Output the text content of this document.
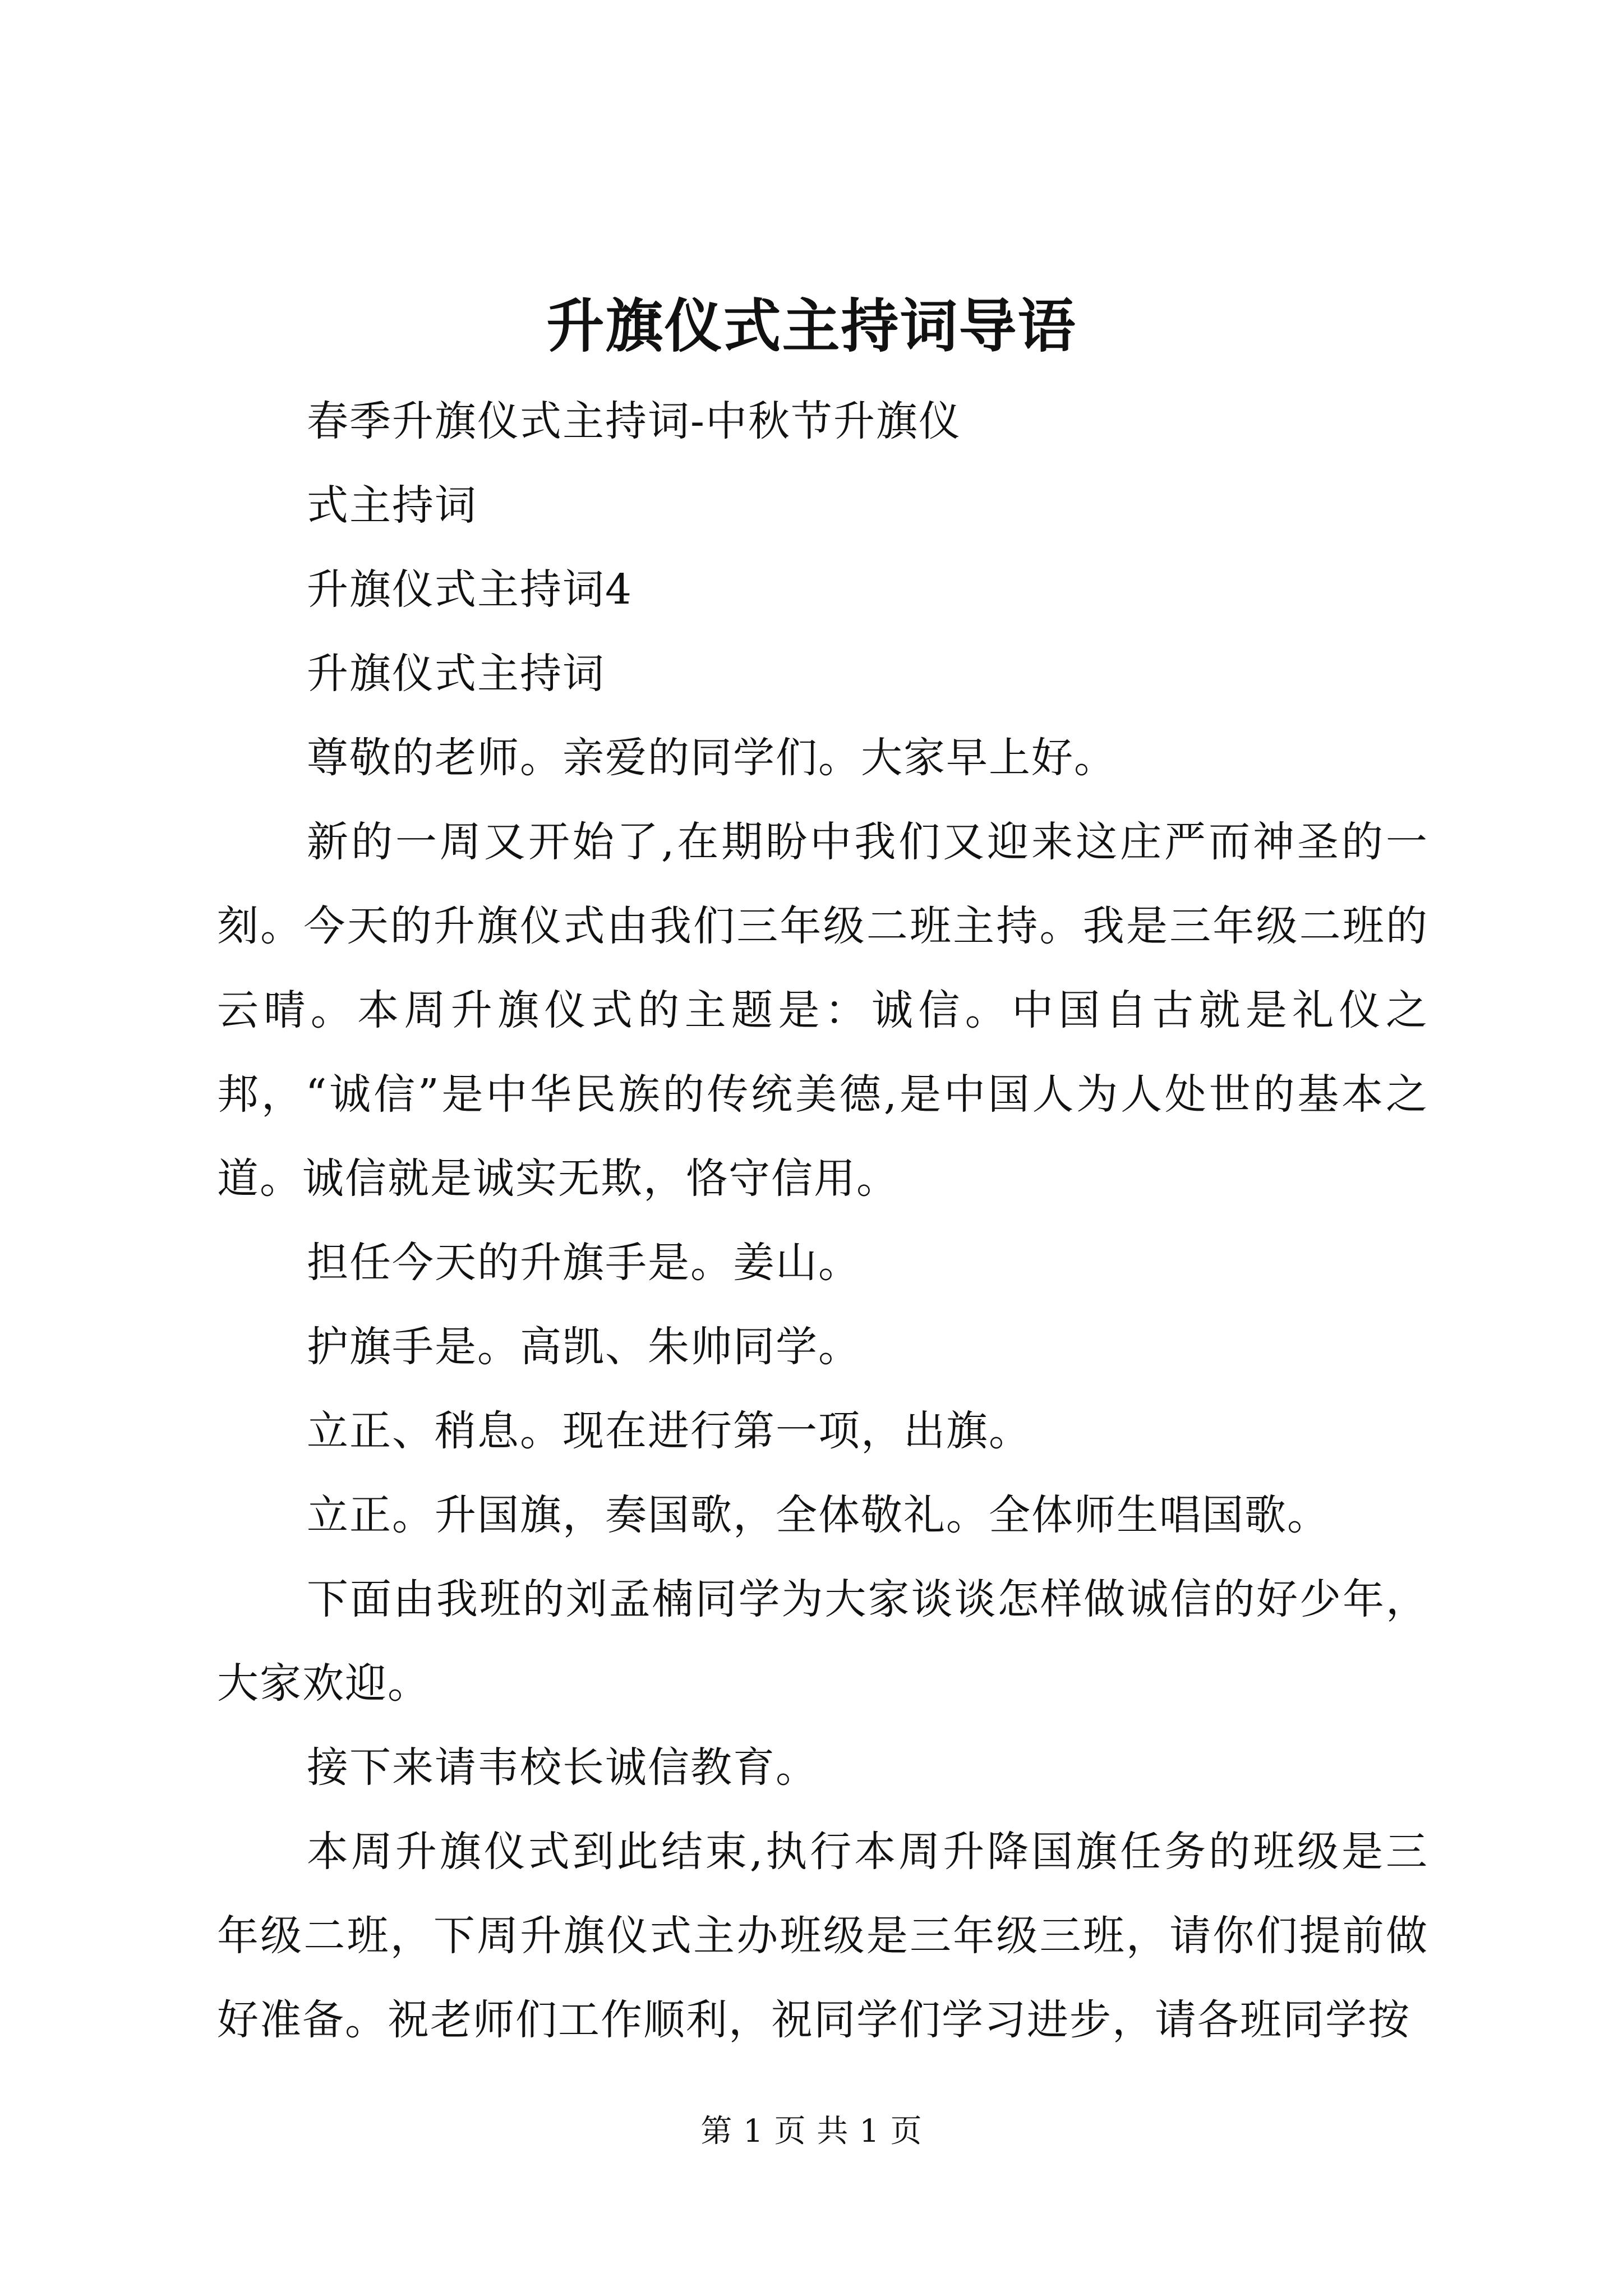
升旗仪式主持词导语

春季升旗仪式主持词-中秋节升旗仪

式主持词

升旗仪式主持词4

升旗仪式主持词

尊敬的老师。亲爱的同学们。大家早上好。

新的一周又开始了,在期盼中我们又迎来这庄严而神圣的一刻。今天的升旗仪式由我们三年级二班主持。我是三年级二班的云晴。本周升旗仪式的主题是：诚信。中国自古就是礼仪之邦，“诚信”是中华民族的传统美德,是中国人为人处世的基本之道。诚信就是诚实无欺，恪守信用。

担任今天的升旗手是。姜山。

护旗手是。高凯、朱帅同学。

立正、稍息。现在进行第一项，出旗。

立正。升国旗，奏国歌，全体敬礼。全体师生唱国歌。

下面由我班的刘孟楠同学为大家谈谈怎样做诚信的好少年，大家欢迎。

接下来请韦校长诚信教育。

本周升旗仪式到此结束,执行本周升降国旗任务的班级是三年级二班，下周升旗仪式主办班级是三年级三班，请你们提前做好准备。祝老师们工作顺利，祝同学们学习进步，请各班同学按

第 1 页 共 1 页
